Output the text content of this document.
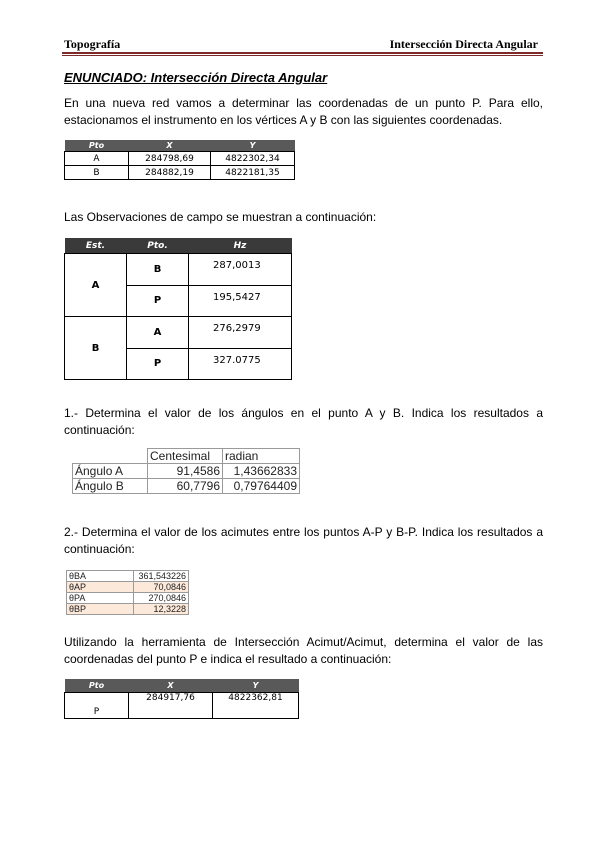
Topografía	Intersección Directa Angular
ENUNCIADO: Intersección Directa Angular
En una nueva red vamos a determinar las coordenadas de un punto P. Para ello, estacionamos el instrumento en los vértices A y B con las siguientes coordenadas.
Pto	X	Y
A	284798,69	4822302,34
B	284882,19	4822181,35
Las Observaciones de campo se muestran a continuación:
Est.	Pto.	Hz
A	B	287,0013
	P	195,5427
B	A	276,2979
	P	327.0775
1.- Determina el valor de los ángulos en el punto A y B. Indica los resultados a continuación:
	Centesimal	radian
Ángulo A	91,4586	1,43662833
Ángulo B	60,7796	0,79764409
2.- Determina el valor de los acimutes entre los puntos A-P y B-P. Indica los resultados a continuación:
θBA	361,543226
θAP	70,0846
θPA	270,0846
θBP	12,3228
Utilizando la herramienta de Intersección Acimut/Acimut, determina el valor de las coordenadas del punto P e indica el resultado a continuación:
Pto	X	Y
P	284917,76	4822362,81
